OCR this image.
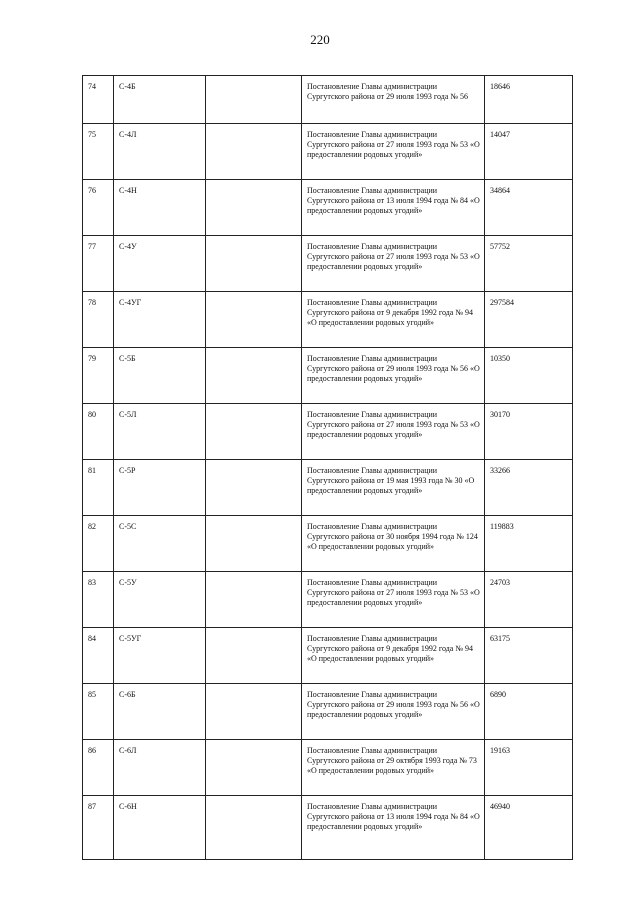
220
74	С-4Б		Постановление Главы администрации Сургутского района от 29 июля 1993 года № 56	18646
75	С-4Л		Постановление Главы администрации Сургутского района от 27 июля 1993 года № 53 «О предоставлении родовых угодий»	14047
76	С-4Н		Постановление Главы администрации Сургутского района от 13 июля 1994 года № 84 «О предоставлении родовых угодий»	34864
77	С-4У		Постановление Главы администрации Сургутского района от 27 июля 1993 года № 53 «О предоставлении родовых угодий»	57752
78	С-4УГ		Постановление Главы администрации Сургутского района от 9 декабря 1992 года № 94 «О предоставлении родовых угодий»	297584
79	С-5Б		Постановление Главы администрации Сургутского района от 29 июля 1993 года № 56 «О предоставлении родовых угодий»	10350
80	С-5Л		Постановление Главы администрации Сургутского района от 27 июля 1993 года № 53 «О предоставлении родовых угодий»	30170
81	С-5Р		Постановление Главы администрации Сургутского района от 19 мая 1993 года № 30 «О предоставлении родовых угодий»	33266
82	С-5С		Постановление Главы администрации Сургутского района от 30 ноября 1994 года № 124 «О предоставлении родовых угодий»	119883
83	С-5У		Постановление Главы администрации Сургутского района от 27 июля 1993 года № 53 «О предоставлении родовых угодий»	24703
84	С-5УГ		Постановление Главы администрации Сургутского района от 9 декабря 1992 года № 94 «О предоставлении родовых угодий»	63175
85	С-6Б		Постановление Главы администрации Сургутского района от 29 июля 1993 года № 56 «О предоставлении родовых угодий»	6890
86	С-6Л		Постановление Главы администрации Сургутского района от 29 октября 1993 года № 73 «О предоставлении родовых угодий»	19163
87	С-6Н		Постановление Главы администрации Сургутского района от 13 июля 1994 года № 84 «О предоставлении родовых угодий»	46940
